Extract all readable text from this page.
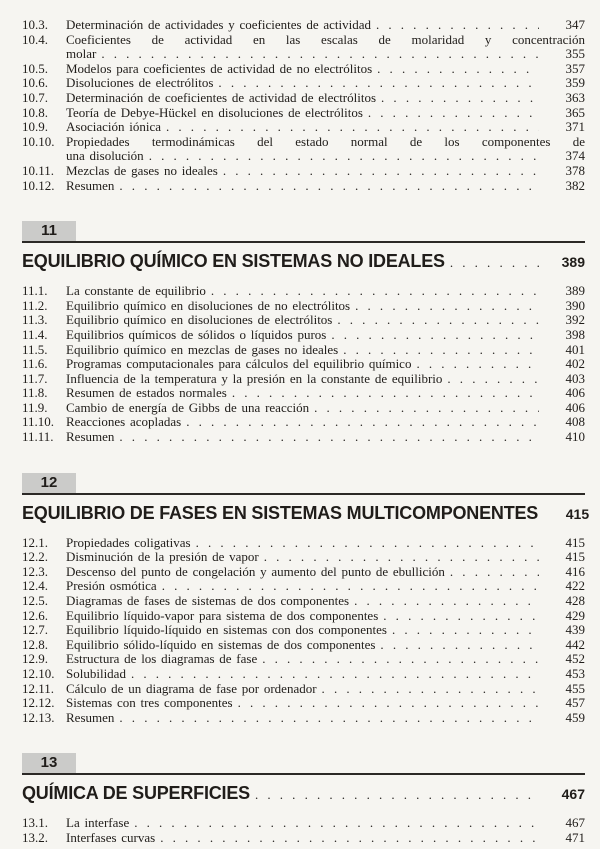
10.3.	Determinación de actividades y coeficientes de actividad . . .	347
10.4.	Coeficientes de actividad en las escalas de molaridad y concentración
molar . . .	355
10.5.	Modelos para coeficientes de actividad de no electrólitos . . .	357
10.6.	Disoluciones de electrólitos . . .	359
10.7.	Determinación de coeficientes de actividad de electrólitos . . .	363
10.8.	Teoría de Debye-Hückel en disoluciones de electrólitos . . .	365
10.9.	Asociación iónica . . .	371
10.10. Propiedades termodinámicas del estado normal de los componentes de
una disolución . . .	374
10.11. Mezclas de gases no ideales . . .	378
10.12. Resumen . . .	382
11
EQUILIBRIO QUÍMICO EN SISTEMAS NO IDEALES . . .	389
11.1.	La constante de equilibrio . . .	389
11.2.	Equilibrio químico en disoluciones de no electrólitos . . .	390
11.3.	Equilibrio químico en disoluciones de electrólitos . . .	392
11.4.	Equilibrios químicos de sólidos o líquidos puros . . .	398
11.5.	Equilibrio químico en mezclas de gases no ideales . . .	401
11.6.	Programas computacionales para cálculos del equilibrio químico . . .	402
11.7.	Influencia de la temperatura y la presión en la constante de equilibrio . . .	403
11.8.	Resumen de estados normales . . .	406
11.9.	Cambio de energía de Gibbs de una reacción . . .	406
11.10. Reacciones acopladas . . .	408
11.11. Resumen . . .	410
12
EQUILIBRIO DE FASES EN SISTEMAS MULTICOMPONENTES	415
12.1.	Propiedades coligativas . . .	415
12.2.	Disminución de la presión de vapor . . .	415
12.3.	Descenso del punto de congelación y aumento del punto de ebullición . . .	416
12.4.	Presión osmótica . . .	422
12.5.	Diagramas de fases de sistemas de dos componentes . . .	428
12.6.	Equilibrio líquido-vapor para sistema de dos componentes . . .	429
12.7.	Equilibrio líquido-líquido en sistemas con dos componentes . . .	439
12.8.	Equilibrio sólido-líquido en sistemas de dos componentes . . .	442
12.9.	Estructura de los diagramas de fase . . .	452
12.10. Solubilidad . . .	453
12.11. Cálculo de un diagrama de fase por ordenador . . .	455
12.12. Sistemas con tres componentes . . .	457
12.13. Resumen . . .	459
13
QUÍMICA DE SUPERFICIES . . .	467
13.1.	La interfase . . .	467
13.2.	Interfases curvas . . .	471
